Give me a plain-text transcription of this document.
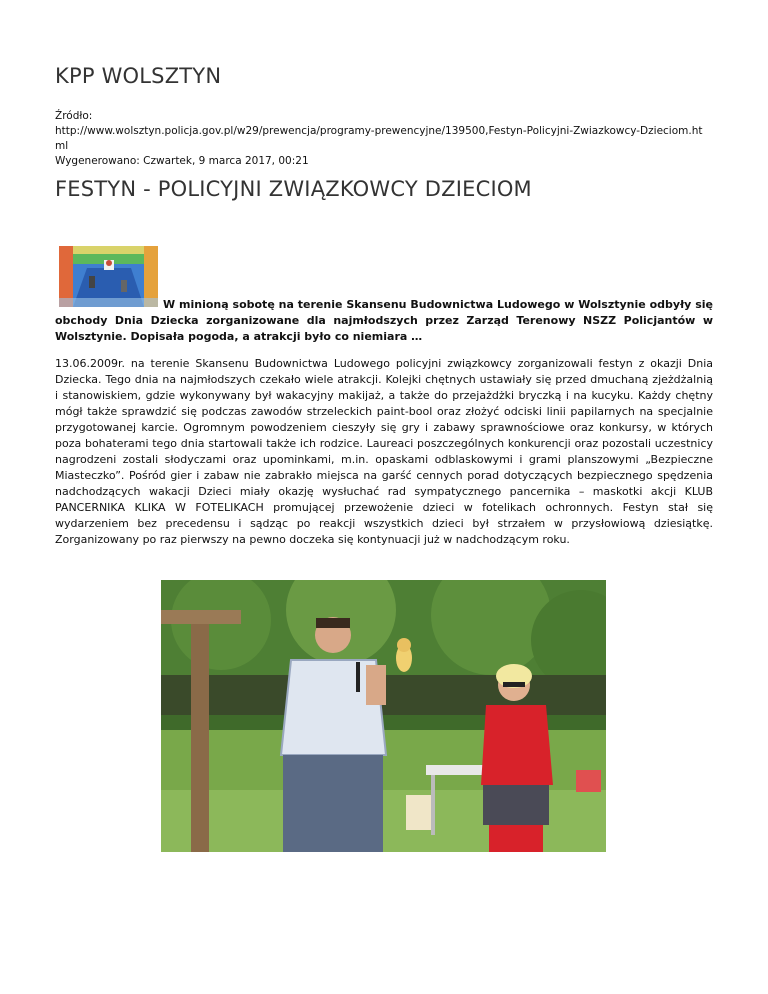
KPP WOLSZTYN
Źródło:
http://www.wolsztyn.policja.gov.pl/w29/prewencja/programy-prewencyjne/139500,Festyn-Policyjni-Zwiazkowcy-Dzieciom.html
Wygenerowano: Czwartek, 9 marca 2017, 00:21
FESTYN - POLICYJNI ZWIĄZKOWCY DZIECIOM

W minioną sobotę na terenie Skansenu Budownictwa Ludowego w Wolsztynie odbyły się obchody Dnia Dziecka zorganizowane dla najmłodszych przez Zarząd Terenowy NSZZ Policjantów w Wolsztynie. Dopisała pogoda, a atrakcji było co niemiara …

13.06.2009r. na terenie Skansenu Budownictwa Ludowego policyjni związkowcy zorganizowali festyn z okazji Dnia Dziecka. Tego dnia na najmłodszych czekało wiele atrakcji. Kolejki chętnych ustawiały się przed dmuchaną zjeżdżalnią i stanowiskiem, gdzie wykonywany był wakacyjny makijaż, a także do przejażdżki bryczką i na kucyku. Każdy chętny mógł także sprawdzić się podczas zawodów strzeleckich paint-bool oraz złożyć odciski linii papilarnych na specjalnie przygotowanej karcie. Ogromnym powodzeniem cieszyły się gry i zabawy sprawnościowe oraz konkursy, w których poza bohaterami tego dnia startowali także ich rodzice. Laureaci poszczególnych konkurencji oraz pozostali uczestnicy nagrodzeni zostali słodyczami oraz upominkami, m.in. opaskami odblaskowymi i grami planszowymi „Bezpieczne Miasteczko”. Pośród gier i zabaw nie zabrakło miejsca na garść cennych porad dotyczących bezpiecznego spędzenia nadchodzących wakacji Dzieci miały okazję wysłuchać rad sympatycznego pancernika – maskotki akcji KLUB PANCERNIKA KLIKA W FOTELIKACH promującej przewożenie dzieci w fotelikach ochronnych. Festyn stał się wydarzeniem bez precedensu i sądząc po reakcji wszystkich dzieci był strzałem w przysłowiową dziesiątkę. Zorganizowany po raz pierwszy na pewno doczeka się kontynuacji już w nadchodzącym roku.
